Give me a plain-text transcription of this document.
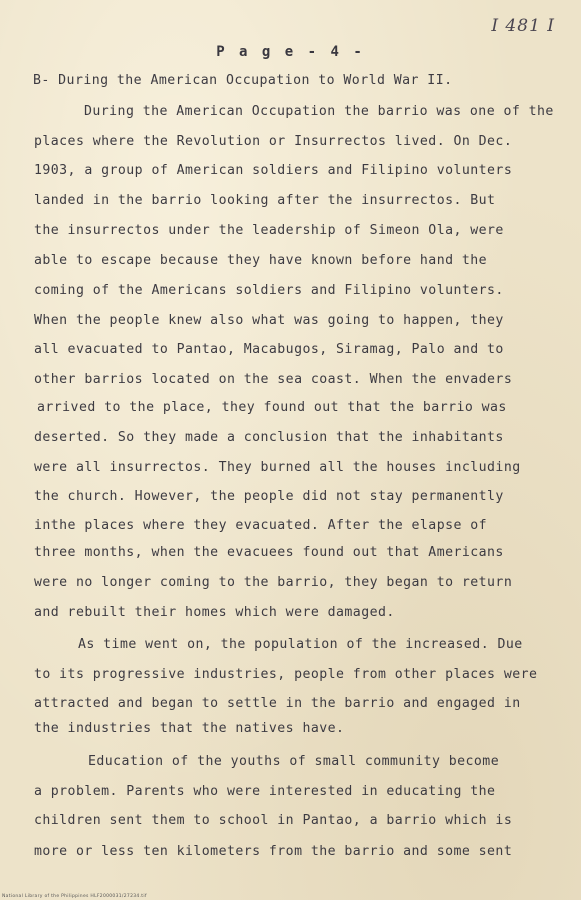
I 481 I
P a g e - 4 -
B- During the American Occupation to World War II.
During the American Occupation the barrio was one of the
places where the Revolution or Insurrectos lived. On Dec.
1903, a group of American soldiers and Filipino volunters
landed in the barrio looking after the insurrectos. But
the insurrectos under the leadership of Simeon Ola, were
able to escape because they have known before hand the
coming of the Americans soldiers and Filipino volunters.
When the people knew also what was going to happen, they
all evacuated to Pantao, Macabugos, Siramag, Palo and to
other barrios located on the sea coast. When the envaders
arrived to the place, they found out that the barrio was
deserted. So they made a conclusion that the inhabitants
were all insurrectos. They burned all the houses including
the church. However, the people did not stay permanently
inthe places where they evacuated. After the elapse of
three months, when the evacuees found out that Americans
were no longer coming to the barrio, they began to return
and rebuilt their homes which were damaged.
As time went on, the population of the increased. Due
to its progressive industries, people from other places were
attracted and began to settle in the barrio and engaged in
the industries that the natives have.
Education of the youths of small community become
a problem. Parents who were interested in educating the
children sent them to school in Pantao, a barrio which is
more or less ten kilometers from the barrio and some sent
National Library of the Philippines HLF2000031/27234.tif
